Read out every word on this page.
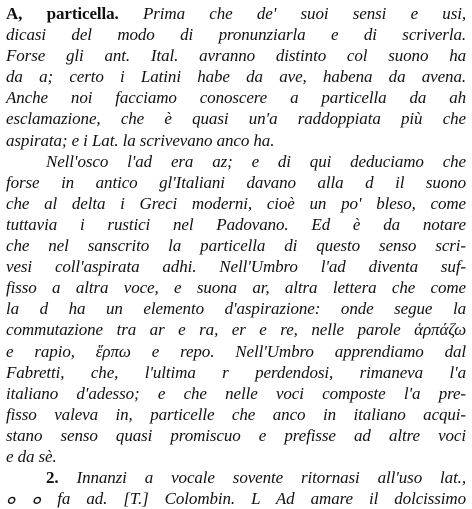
A, particella. Prima che de' suoi sensi e usi,
dicasi del modo di pronunziarla e di scriverla.
Forse gli ant. Ital. avranno distinto col suono ha
da a; certo i Latini habe da ave, habena da avena.
Anche noi facciamo conoscere a particella da ah
esclamazione, che è quasi un'a raddoppiata più che
aspirata; e i Lat. la scrivevano anco ha.
Nell'osco l'ad era az; e di qui deduciamo che
forse in antico gl'Italiani davano alla d il suono
che al delta i Greci moderni, cioè un po' bleso, come
tuttavia i rustici nel Padovano. Ed è da notare
che nel sanscrito la particella di questo senso scri-
vesi coll'aspirata adhi. Nell'Umbro l'ad diventa suf-
fisso a altra voce, e suona ar, altra lettera che come
la d ha un elemento d'aspirazione: onde segue la
commutazione tra ar e ra, er e re, nelle parole ἁρπάζω
e rapio, ἕρπω e repo. Nell'Umbro apprendiamo dal
Fabretti, che, l'ultima r perdendosi, rimaneva l'a
italiano d'adesso; e che nelle voci composte l'a pre-
fisso valeva in, particelle che anco in italiano acqui-
stano senso quasi promiscuo e prefisse ad altre voci
e da sè.
2. Innanzi a vocale sovente ritornasi all'uso lat.,
ܘ ܘ fa ad. [T.] Colombin. L Ad amare il dolcissimo
